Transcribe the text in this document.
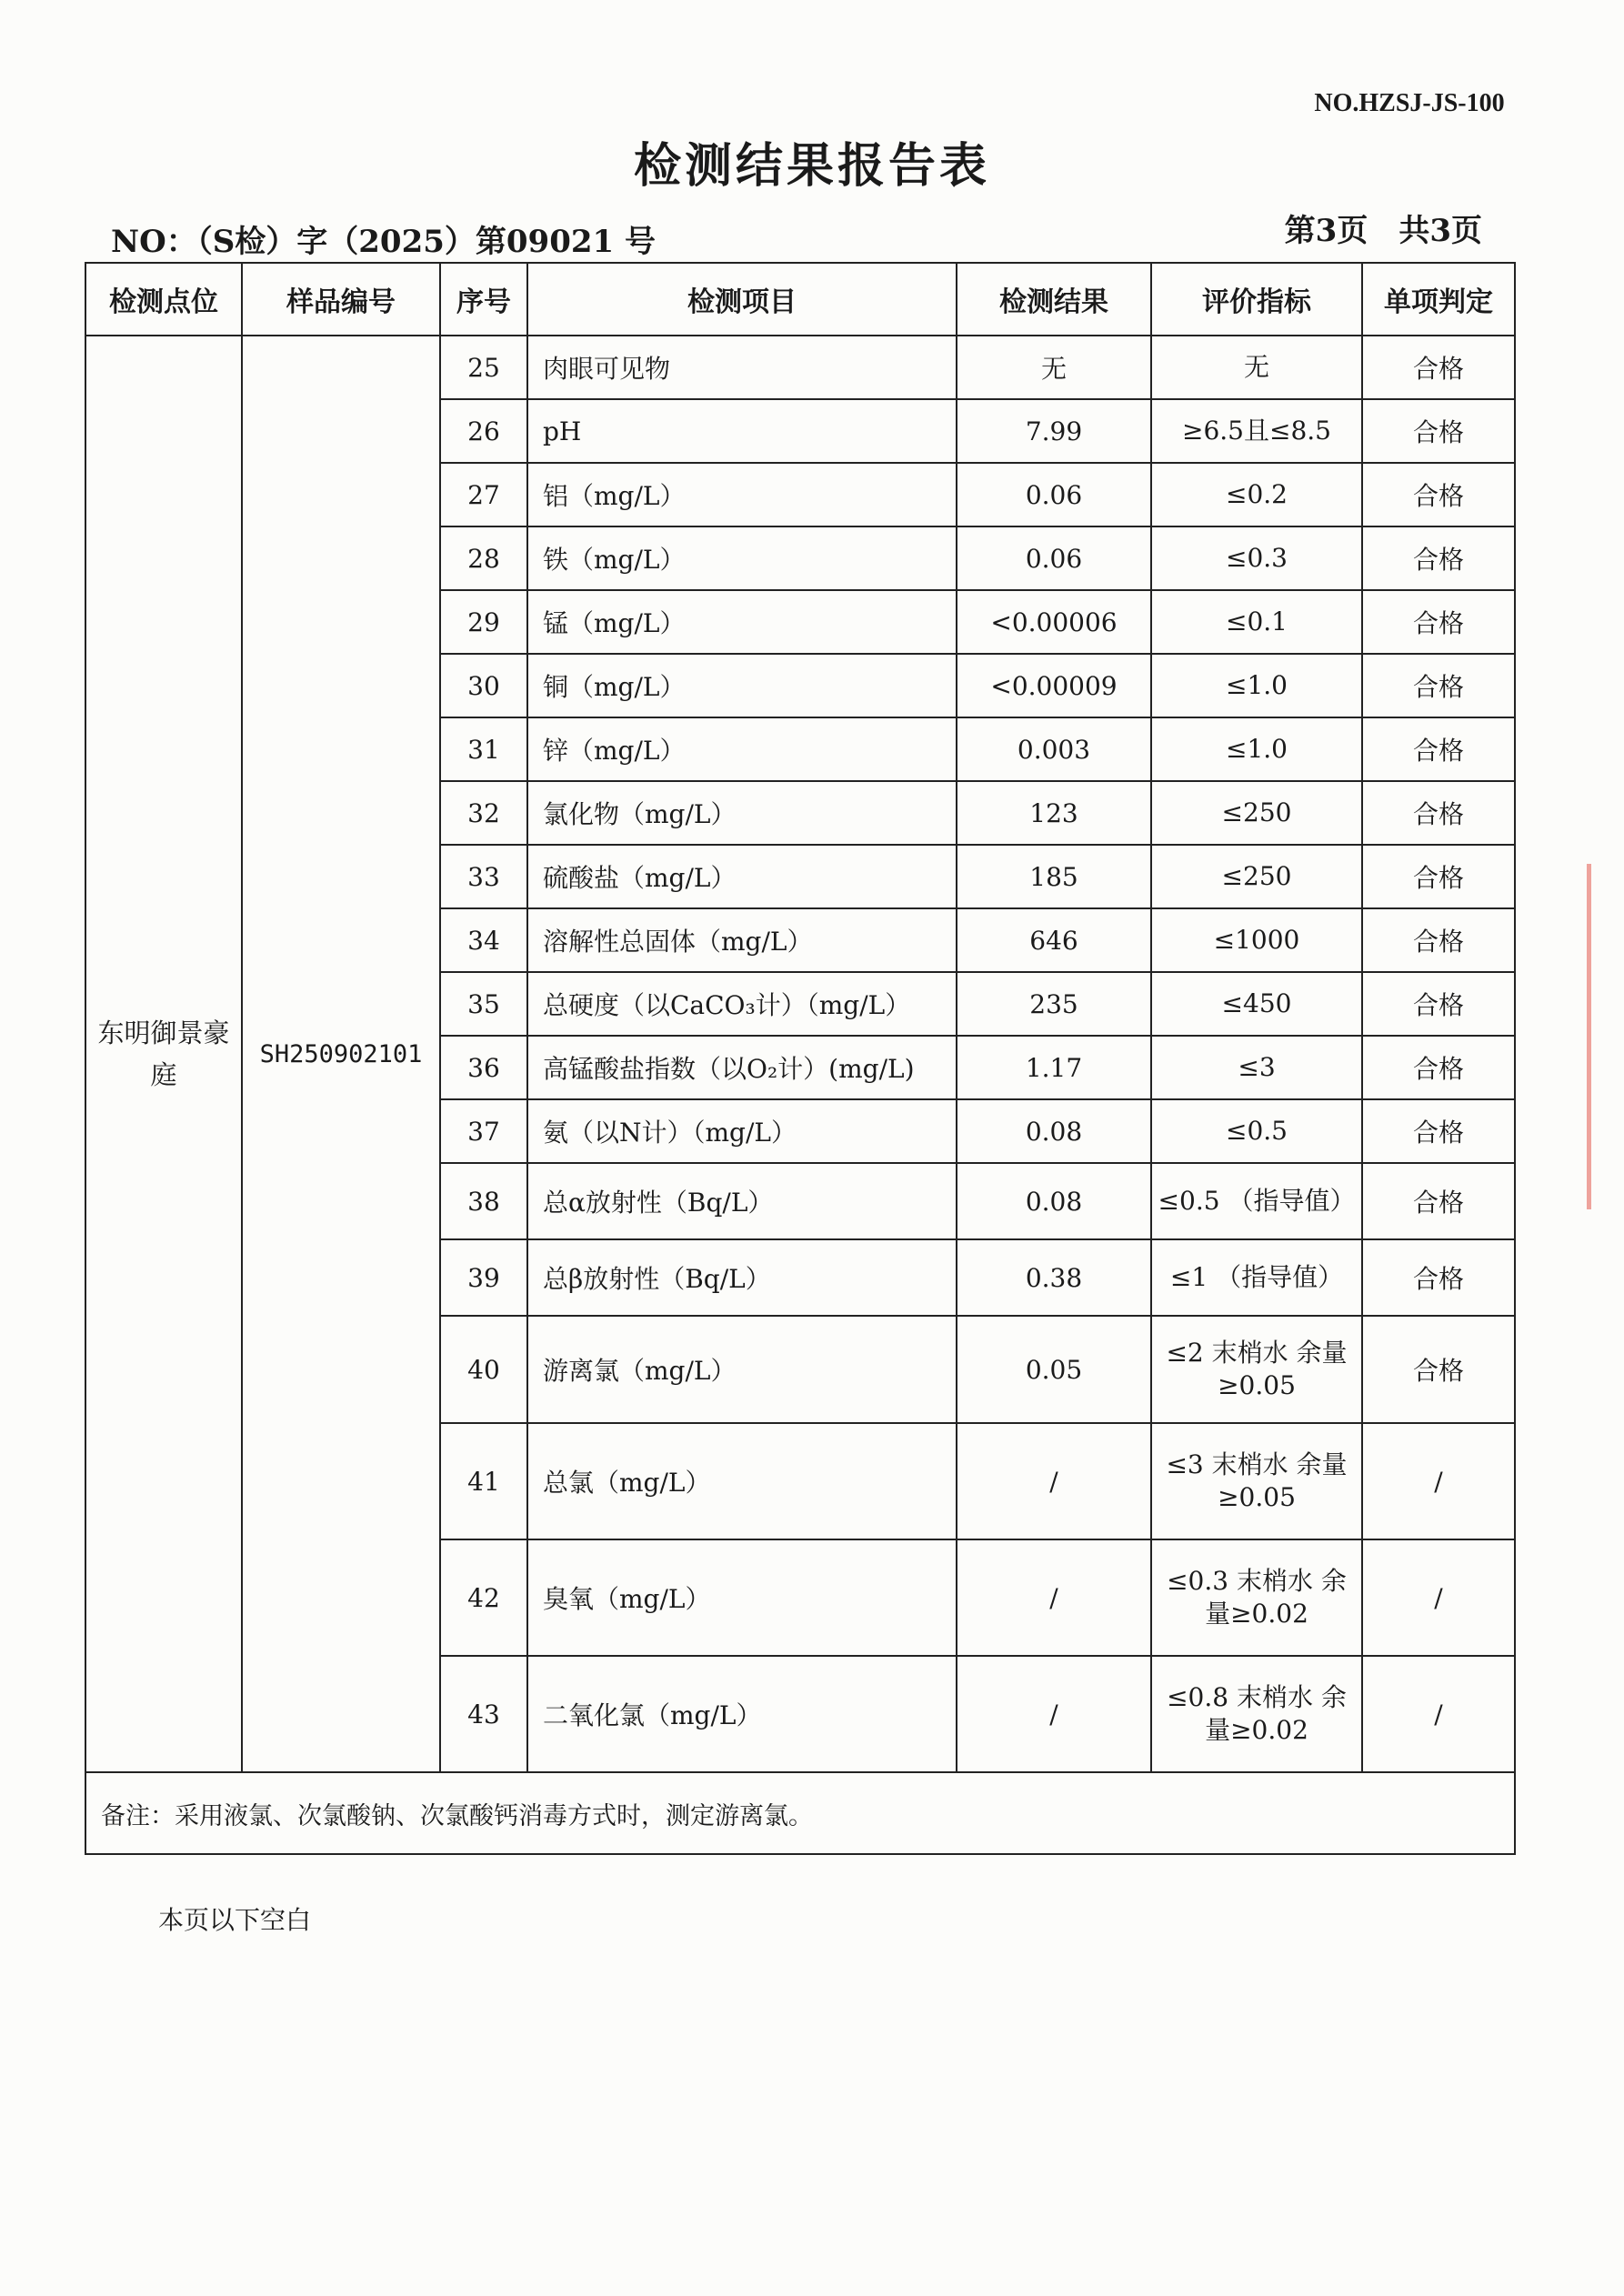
NO.HZSJ-JS-100
检测结果报告表
NO：（S检）字（2025）第09021 号	第3页　共3页
检测点位	样品编号	序号	检测项目	检测结果	评价指标	单项判定
东明御景豪庭	SH250902101	25	肉眼可见物	无	无	合格
		26	pH	7.99	≥6.5且≤8.5	合格
		27	铝（mg/L）	0.06	≤0.2	合格
		28	铁（mg/L）	0.06	≤0.3	合格
		29	锰（mg/L）	<0.00006	≤0.1	合格
		30	铜（mg/L）	<0.00009	≤1.0	合格
		31	锌（mg/L）	0.003	≤1.0	合格
		32	氯化物（mg/L）	123	≤250	合格
		33	硫酸盐（mg/L）	185	≤250	合格
		34	溶解性总固体（mg/L）	646	≤1000	合格
		35	总硬度（以CaCO₃计）（mg/L）	235	≤450	合格
		36	高锰酸盐指数（以O₂计）(mg/L)	1.17	≤3	合格
		37	氨（以N计）（mg/L）	0.08	≤0.5	合格
		38	总α放射性（Bq/L）	0.08	≤0.5 （指导值）	合格
		39	总β放射性（Bq/L）	0.38	≤1 （指导值）	合格
		40	游离氯（mg/L）	0.05	≤2 末梢水 余量≥0.05	合格
		41	总氯（mg/L）	/	≤3 末梢水 余量≥0.05	/
		42	臭氧（mg/L）	/	≤0.3 末梢水 余量≥0.02	/
		43	二氧化氯（mg/L）	/	≤0.8 末梢水 余量≥0.02	/
备注：采用液氯、次氯酸钠、次氯酸钙消毒方式时，测定游离氯。						
本页以下空白
